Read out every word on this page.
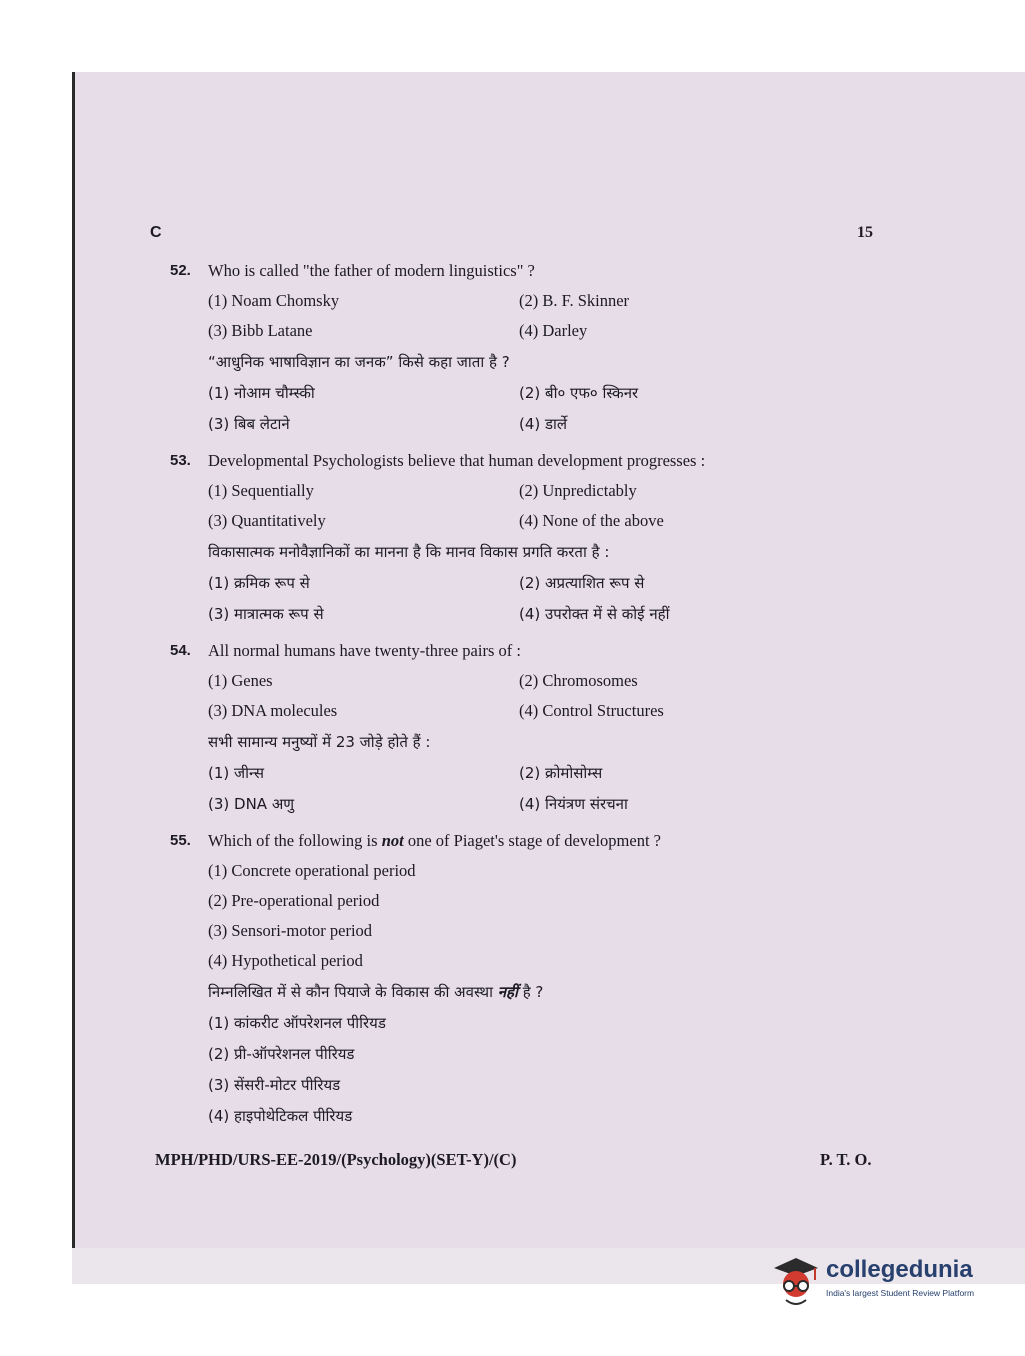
C	15
52. Who is called "the father of modern linguistics" ?
(1) Noam Chomsky	(2) B. F. Skinner
(3) Bibb Latane	(4) Darley
“आधुनिक भाषाविज्ञान का जनक” किसे कहा जाता है ?
(1) नोआम चौम्स्की	(2) बी० एफ० स्किनर
(3) बिब लेटाने	(4) डार्ले
53. Developmental Psychologists believe that human development progresses :
(1) Sequentially	(2) Unpredictably
(3) Quantitatively	(4) None of the above
विकासात्मक मनोवैज्ञानिकों का मानना है कि मानव विकास प्रगति करता है :
(1) क्रमिक रूप से	(2) अप्रत्याशित रूप से
(3) मात्रात्मक रूप से	(4) उपरोक्त में से कोई नहीं
54. All normal humans have twenty-three pairs of :
(1) Genes	(2) Chromosomes
(3) DNA molecules	(4) Control Structures
सभी सामान्य मनुष्यों में 23 जोड़े होते हैं :
(1) जीन्स	(2) क्रोमोसोम्स
(3) DNA अणु	(4) नियंत्रण संरचना
55. Which of the following is not one of Piaget's stage of development ?
(1) Concrete operational period
(2) Pre-operational period
(3) Sensori-motor period
(4) Hypothetical period
निम्नलिखित में से कौन पियाजे के विकास की अवस्था नहीं है ?
(1) कांकरीट ऑपरेशनल पीरियड
(2) प्री-ऑपरेशनल पीरियड
(3) सेंसरी-मोटर पीरियड
(4) हाइपोथेटिकल पीरियड
MPH/PHD/URS-EE-2019/(Psychology)(SET-Y)/(C)	P. T. O.
collegedunia
India's largest Student Review Platform
